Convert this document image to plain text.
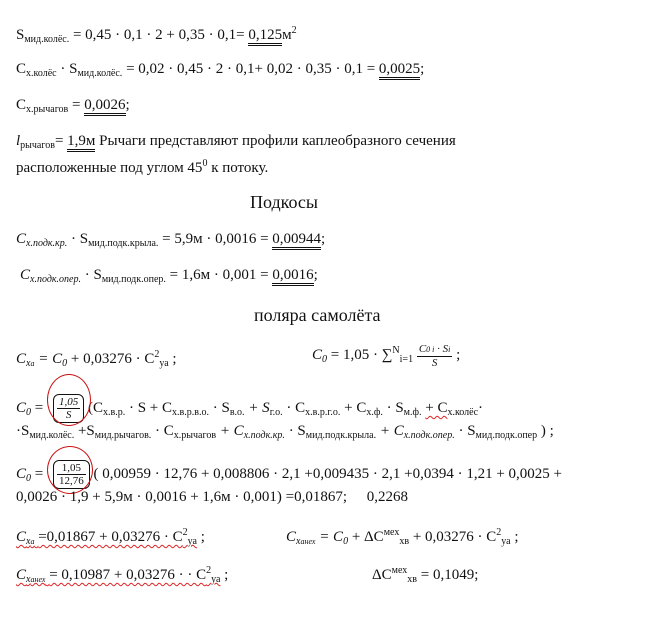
$S_{мид.колёс.} = 0,45 \cdot 0,1 \cdot 2 + 0,35 \cdot 0,1= 0,125м^2$
$C_{х.колёс} \cdot S_{мид.колёс.} = 0,02 \cdot 0,45 \cdot 2 \cdot 0,1+ 0,02 \cdot 0,35 \cdot 0,1 = 0,0025$;
$C_{х.рычагов} = 0,0026$;
$l_{рычагов}= 1,9м$ Рычаги представляют профили каплеобразного сечения
расположенные под углом $45^0$ к потоку.
Подкосы
$C_{x.подк.кр.} \cdot S_{мид.подк.крыла.} = 5,9м \cdot 0,0016 = 0,00944$;
$C_{x.подк.опер.} \cdot S_{мид.подк.опер.} = 1,6м \cdot 0,001 = 0,0016$;
поляра самолёта
$C_{xa} = C_0 + 0,03276 \cdot C^2_{уа}$ ;	$C_0 = 1,05 \cdot \sum^N_{i=1} \frac{C0 i \cdot Si}{S}$ ;
$C_0 = \frac{1,05}{S} (C_{x.в.р.} \cdot S + C_{x.в.р.в.о.} \cdot S_{в.о.} + S_{г.о.} \cdot C_{x.в.р.г.о.} + C_{x.ф.} \cdot S_{м.ф.} + C_{x.колёс}\cdot$
$\cdot S_{мид.колёс.} +S_{мид.рычагов.} \cdot C_{x.рычагов} + C_{x.подк.кр.} \cdot S_{мид.подк.крыла.} + C_{x.подк.опер.} \cdot S_{мид.подк.опер}$ ) ;
$C_0 = \frac{1,05}{12,76}$ ( 0,00959 · 12,76 + 0,008806 · 2,1 +0,009435 · 2,1 +0,0394 · 1,21 + 0,0025 +
0,0026 · 1,9 + 5,9м · 0,0016 + 1,6м · 0,001) =0,01867; 0,2268
$C_{xa} =0,01867 + 0,03276 \cdot C^2_{уа}$ ;	$C_{xанех} = C_0 + \Delta C^{мех}_{хв} + 0,03276 \cdot C^2_{уа}$ ;
$C_{xанех} = 0,10987 + 0,03276$ · · $C^2_{уа}$ ;	$\Delta C^{мех}_{хв} = 0,1049$;
